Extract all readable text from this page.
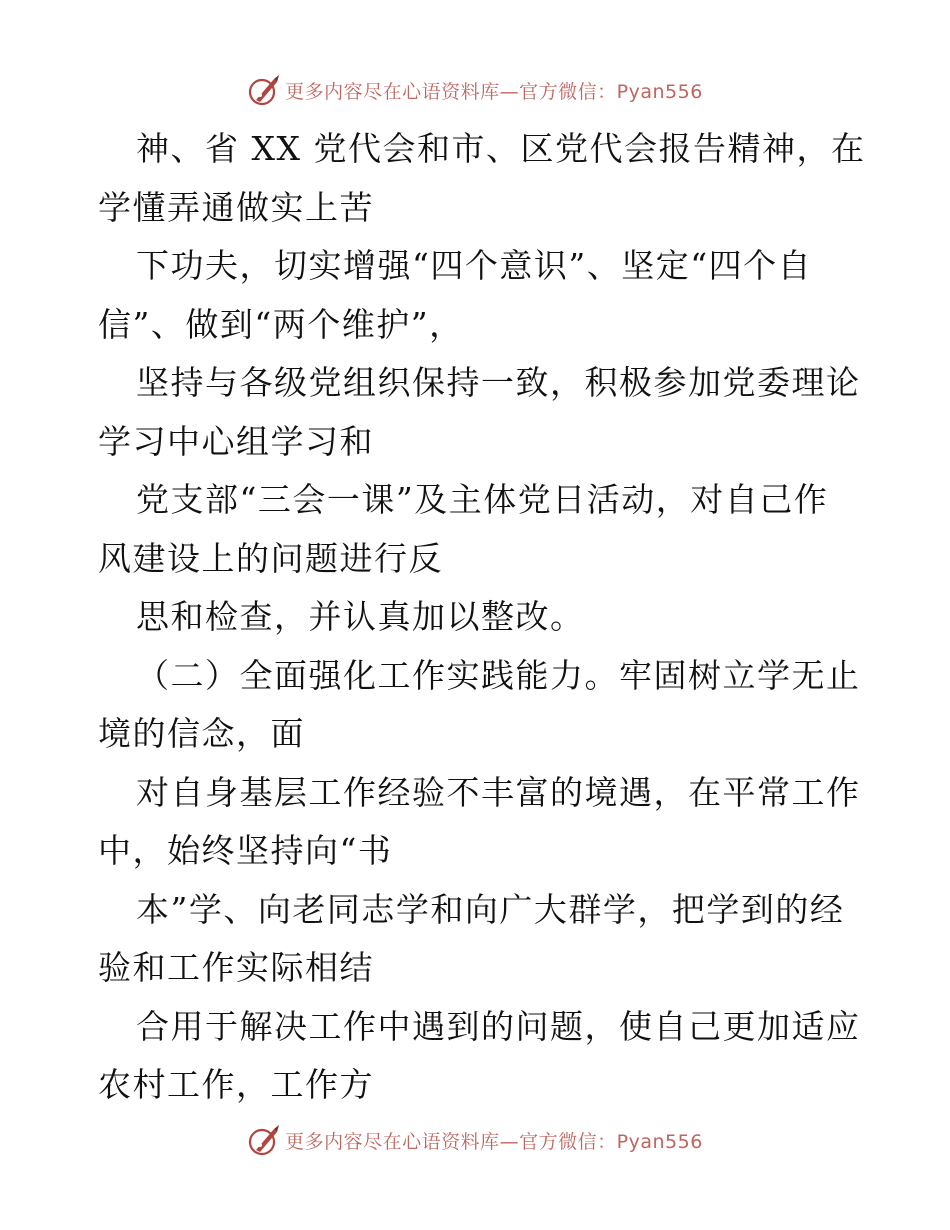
更多内容尽在心语资料库—官方微信：Pyan556
神、省 XX 党代会和市、区党代会报告精神，在
学懂弄通做实上苦
下功夫，切实增强“四个意识”、坚定“四个自
信”、做到“两个维护”，
坚持与各级党组织保持一致，积极参加党委理论
学习中心组学习和
党支部“三会一课”及主体党日活动，对自己作
风建设上的问题进行反
思和检查，并认真加以整改。
（二）全面强化工作实践能力。牢固树立学无止
境的信念，面
对自身基层工作经验不丰富的境遇，在平常工作
中，始终坚持向“书
本”学、向老同志学和向广大群学，把学到的经
验和工作实际相结
合用于解决工作中遇到的问题，使自己更加适应
农村工作，工作方
更多内容尽在心语资料库—官方微信：Pyan556
